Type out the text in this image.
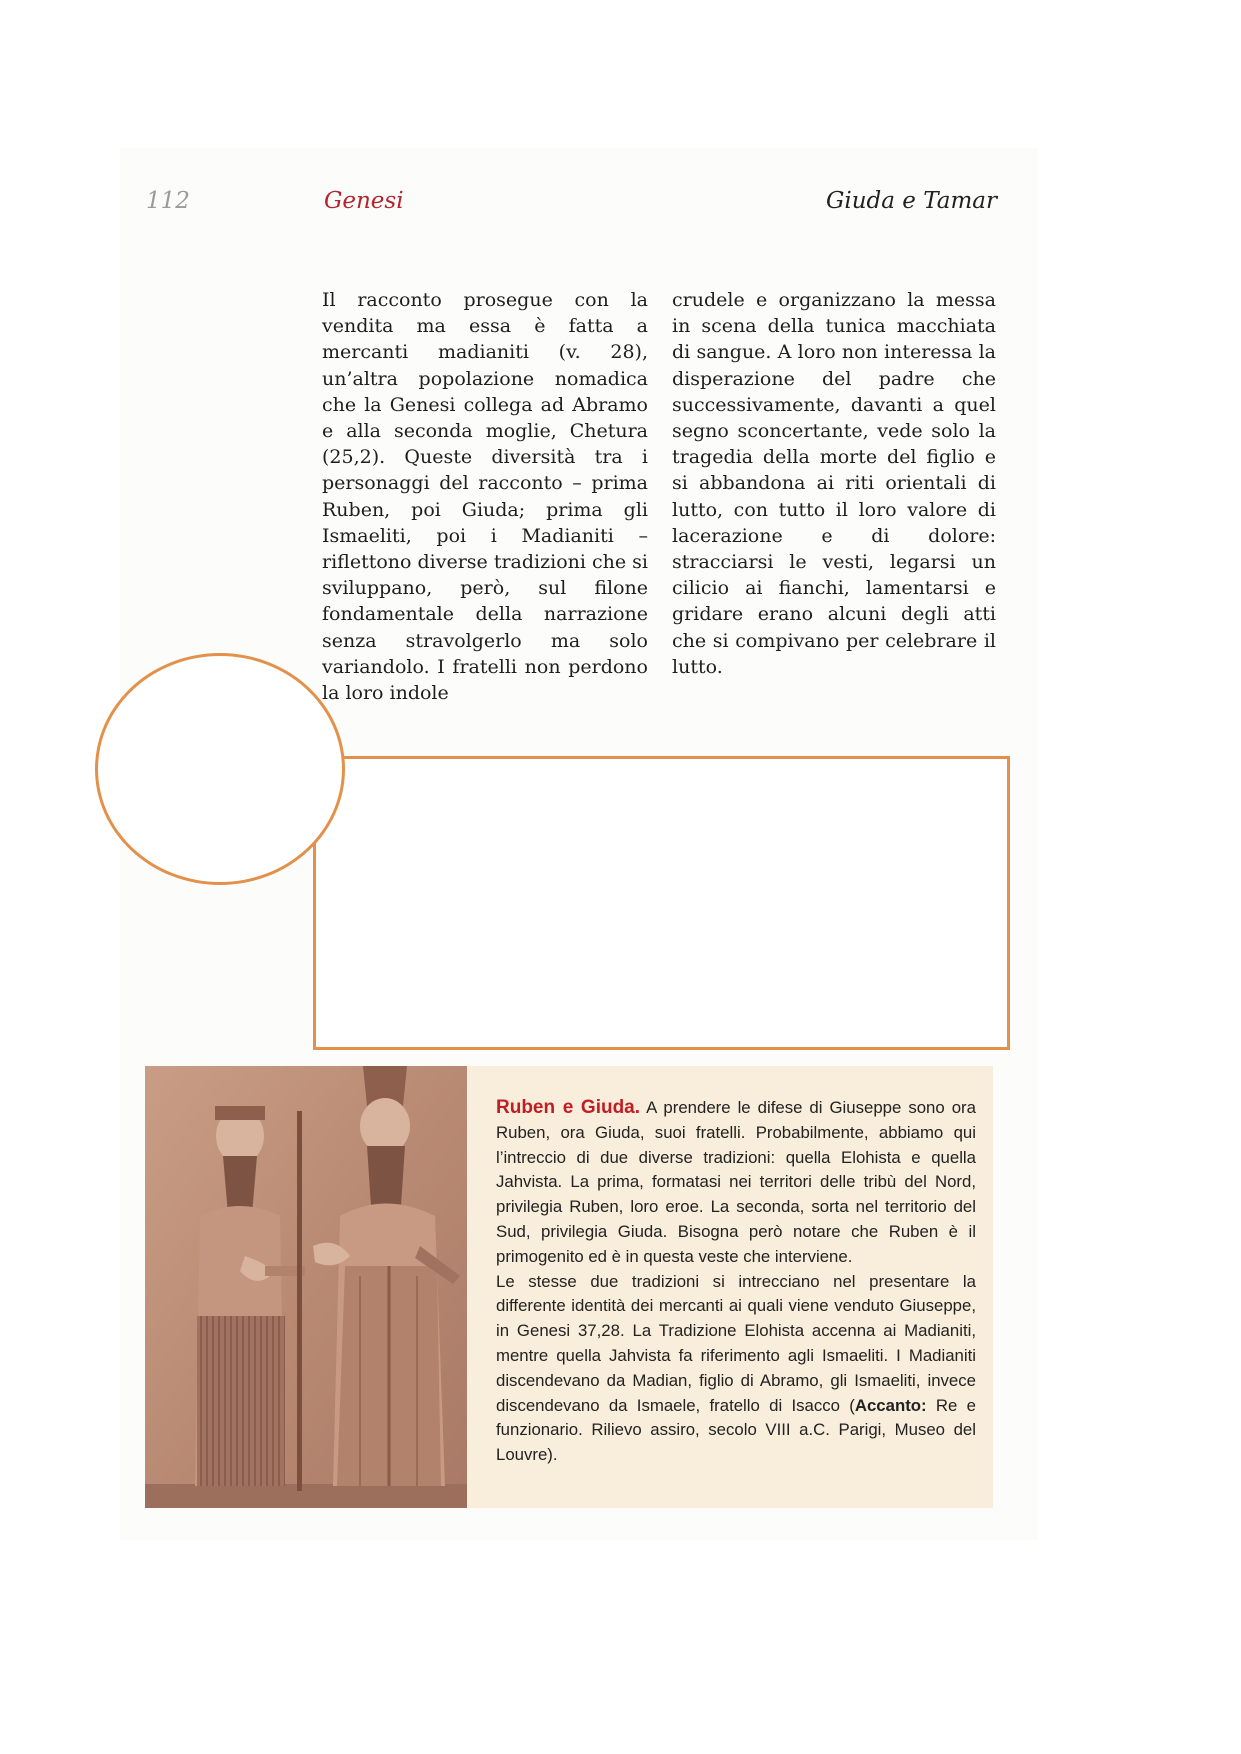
112	Genesi	Giuda e Tamar
Il racconto prosegue con la vendita ma essa è fatta a mercanti madianiti (v. 28), un’altra popolazione nomadica che la Genesi collega ad Abramo e alla seconda moglie, Chetura (25,2). Queste diversità tra i personaggi del racconto – prima Ruben, poi Giuda; prima gli Ismaeliti, poi i Madianiti – riflettono diverse tradizioni che si sviluppano, però, sul filone fondamentale della narrazione senza stravolgerlo ma solo variandolo. I fratelli non perdono la loro indole
crudele e organizzano la messa in scena della tunica macchiata di sangue. A loro non interessa la disperazione del padre che successivamente, davanti a quel segno sconcertante, vede solo la tragedia della morte del figlio e si abbandona ai riti orientali di lutto, con tutto il loro valore di lacerazione e di dolore: stracciarsi le vesti, legarsi un cilicio ai fianchi, lamentarsi e gridare erano alcuni degli atti che si compivano per celebrare il lutto.
Ruben e Giuda. A prendere le difese di Giuseppe sono ora Ruben, ora Giuda, suoi fratelli. Probabilmente, abbiamo qui l’intreccio di due diverse tradizioni: quella Elohista e quella Jahvista. La prima, formatasi nei territori delle tribù del Nord, privilegia Ruben, loro eroe. La seconda, sorta nel territorio del Sud, privilegia Giuda. Bisogna però notare che Ruben è il primogenito ed è in questa veste che interviene.
Le stesse due tradizioni si intrecciano nel presentare la differente identità dei mercanti ai quali viene venduto Giuseppe, in Genesi 37,28. La Tradizione Elohista accenna ai Madianiti, mentre quella Jahvista fa riferimento agli Ismaeliti. I Madianiti discendevano da Madian, figlio di Abramo, gli Ismaeliti, invece discendevano da Ismaele, fratello di Isacco (Accanto: Re e funzionario. Rilievo assiro, secolo VIII a.C. Parigi, Museo del Louvre).
